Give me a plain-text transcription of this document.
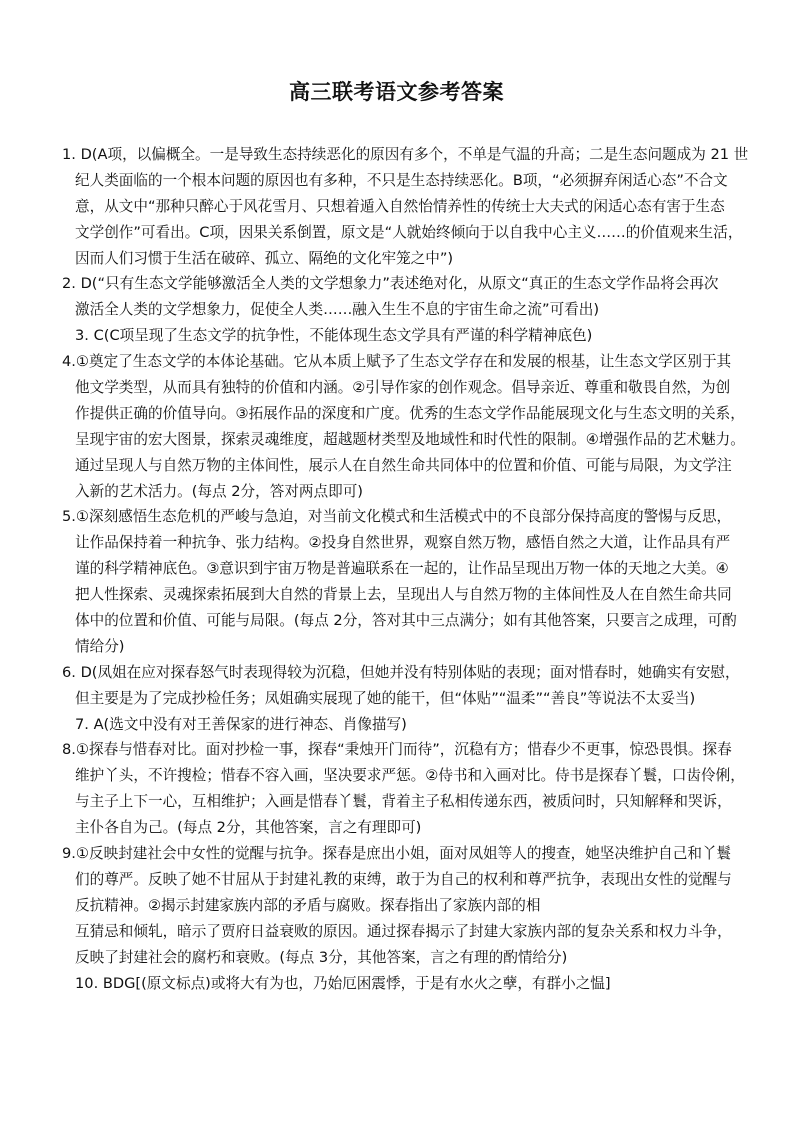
高三联考语文参考答案
1. D(A项，以偏概全。一是导致生态持续恶化的原因有多个，不单是气温的升高；二是生态问题成为 21 世
纪人类面临的一个根本问题的原因也有多种，不只是生态持续恶化。B项，“必须摒弃闲适心态”不合文
意，从文中“那种只醉心于风花雪月、只想着遁入自然怡情养性的传统士大夫式的闲适心态有害于生态
文学创作”可看出。C项，因果关系倒置，原文是“人就始终倾向于以自我中心主义……的价值观来生活，
因而人们习惯于生活在破碎、孤立、隔绝的文化牢笼之中”)
2. D(“只有生态文学能够激活全人类的文学想象力”表述绝对化，从原文“真正的生态文学作品将会再次
激活全人类的文学想象力，促使全人类……融入生生不息的宇宙生命之流”可看出)
3. C(C项呈现了生态文学的抗争性，不能体现生态文学具有严谨的科学精神底色)
4.①奠定了生态文学的本体论基础。它从本质上赋予了生态文学存在和发展的根基，让生态文学区别于其
他文学类型，从而具有独特的价值和内涵。②引导作家的创作观念。倡导亲近、尊重和敬畏自然，为创
作提供正确的价值导向。③拓展作品的深度和广度。优秀的生态文学作品能展现文化与生态文明的关系，
呈现宇宙的宏大图景，探索灵魂维度，超越题材类型及地域性和时代性的限制。④增强作品的艺术魅力。
通过呈现人与自然万物的主体间性，展示人在自然生命共同体中的位置和价值、可能与局限，为文学注
入新的艺术活力。(每点 2分，答对两点即可)
5.①深刻感悟生态危机的严峻与急迫，对当前文化模式和生活模式中的不良部分保持高度的警惕与反思，
让作品保持着一种抗争、张力结构。②投身自然世界，观察自然万物，感悟自然之大道，让作品具有严
谨的科学精神底色。③意识到宇宙万物是普遍联系在一起的，让作品呈现出万物一体的天地之大美。④
把人性探索、灵魂探索拓展到大自然的背景上去，呈现出人与自然万物的主体间性及人在自然生命共同
体中的位置和价值、可能与局限。(每点 2分，答对其中三点满分；如有其他答案，只要言之成理，可酌
情给分)
6. D(凤姐在应对探春怒气时表现得较为沉稳，但她并没有特别体贴的表现；面对惜春时，她确实有安慰，
但主要是为了完成抄检任务；凤姐确实展现了她的能干，但“体贴”“温柔”“善良”等说法不太妥当)
7. A(选文中没有对王善保家的进行神态、肖像描写)
8.①探春与惜春对比。面对抄检一事，探春“秉烛开门而待”，沉稳有方；惜春少不更事，惊恐畏惧。探春
维护丫头，不许搜检；惜春不容入画，坚决要求严惩。②侍书和入画对比。侍书是探春丫鬟，口齿伶俐，
与主子上下一心，互相维护；入画是惜春丫鬟，背着主子私相传递东西，被质问时，只知解释和哭诉，
主仆各自为己。(每点 2分，其他答案，言之有理即可)
9.①反映封建社会中女性的觉醒与抗争。探春是庶出小姐，面对凤姐等人的搜查，她坚决维护自己和丫鬟
们的尊严。反映了她不甘屈从于封建礼教的束缚，敢于为自己的权利和尊严抗争，表现出女性的觉醒与
反抗精神。②揭示封建家族内部的矛盾与腐败。探春指出了家族内部的相
互猜忌和倾轧，暗示了贾府日益衰败的原因。通过探春揭示了封建大家族内部的复杂关系和权力斗争，
反映了封建社会的腐朽和衰败。(每点 3分，其他答案，言之有理的酌情给分)
10. BDG[(原文标点)或将大有为也，乃始厄困震悸，于是有水火之孽，有群小之愠]
